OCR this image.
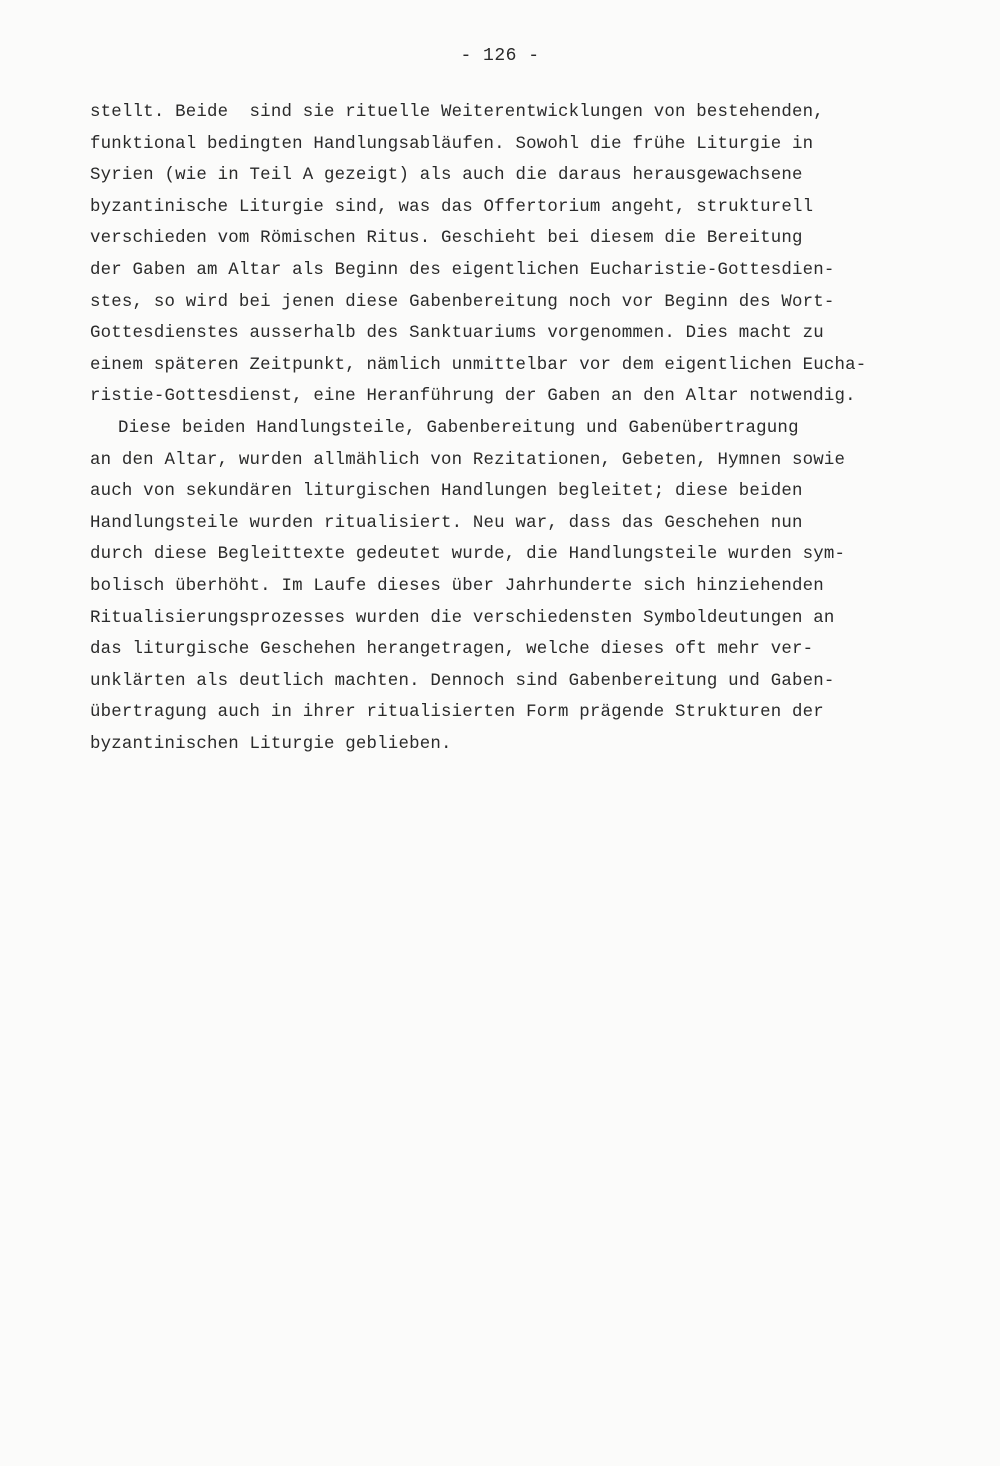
- 126 -
stellt. Beide  sind sie rituelle Weiterentwicklungen von bestehenden,
funktional bedingten Handlungsabläufen. Sowohl die frühe Liturgie in
Syrien (wie in Teil A gezeigt) als auch die daraus herausgewachsene
byzantinische Liturgie sind, was das Offertorium angeht, strukturell
verschieden vom Römischen Ritus. Geschieht bei diesem die Bereitung
der Gaben am Altar als Beginn des eigentlichen Eucharistie-Gottesdien-
stes, so wird bei jenen diese Gabenbereitung noch vor Beginn des Wort-
Gottesdienstes ausserhalb des Sanktuariums vorgenommen. Dies macht zu
einem späteren Zeitpunkt, nämlich unmittelbar vor dem eigentlichen Eucha-
ristie-Gottesdienst, eine Heranführung der Gaben an den Altar notwendig.
Diese beiden Handlungsteile, Gabenbereitung und Gabenübertragung
an den Altar, wurden allmählich von Rezitationen, Gebeten, Hymnen sowie
auch von sekundären liturgischen Handlungen begleitet; diese beiden
Handlungsteile wurden ritualisiert. Neu war, dass das Geschehen nun
durch diese Begleittexte gedeutet wurde, die Handlungsteile wurden sym-
bolisch überhöht. Im Laufe dieses über Jahrhunderte sich hinziehenden
Ritualisierungsprozesses wurden die verschiedensten Symboldeutungen an
das liturgische Geschehen herangetragen, welche dieses oft mehr ver-
unklärten als deutlich machten. Dennoch sind Gabenbereitung und Gaben-
übertragung auch in ihrer ritualisierten Form prägende Strukturen der
byzantinischen Liturgie geblieben.
